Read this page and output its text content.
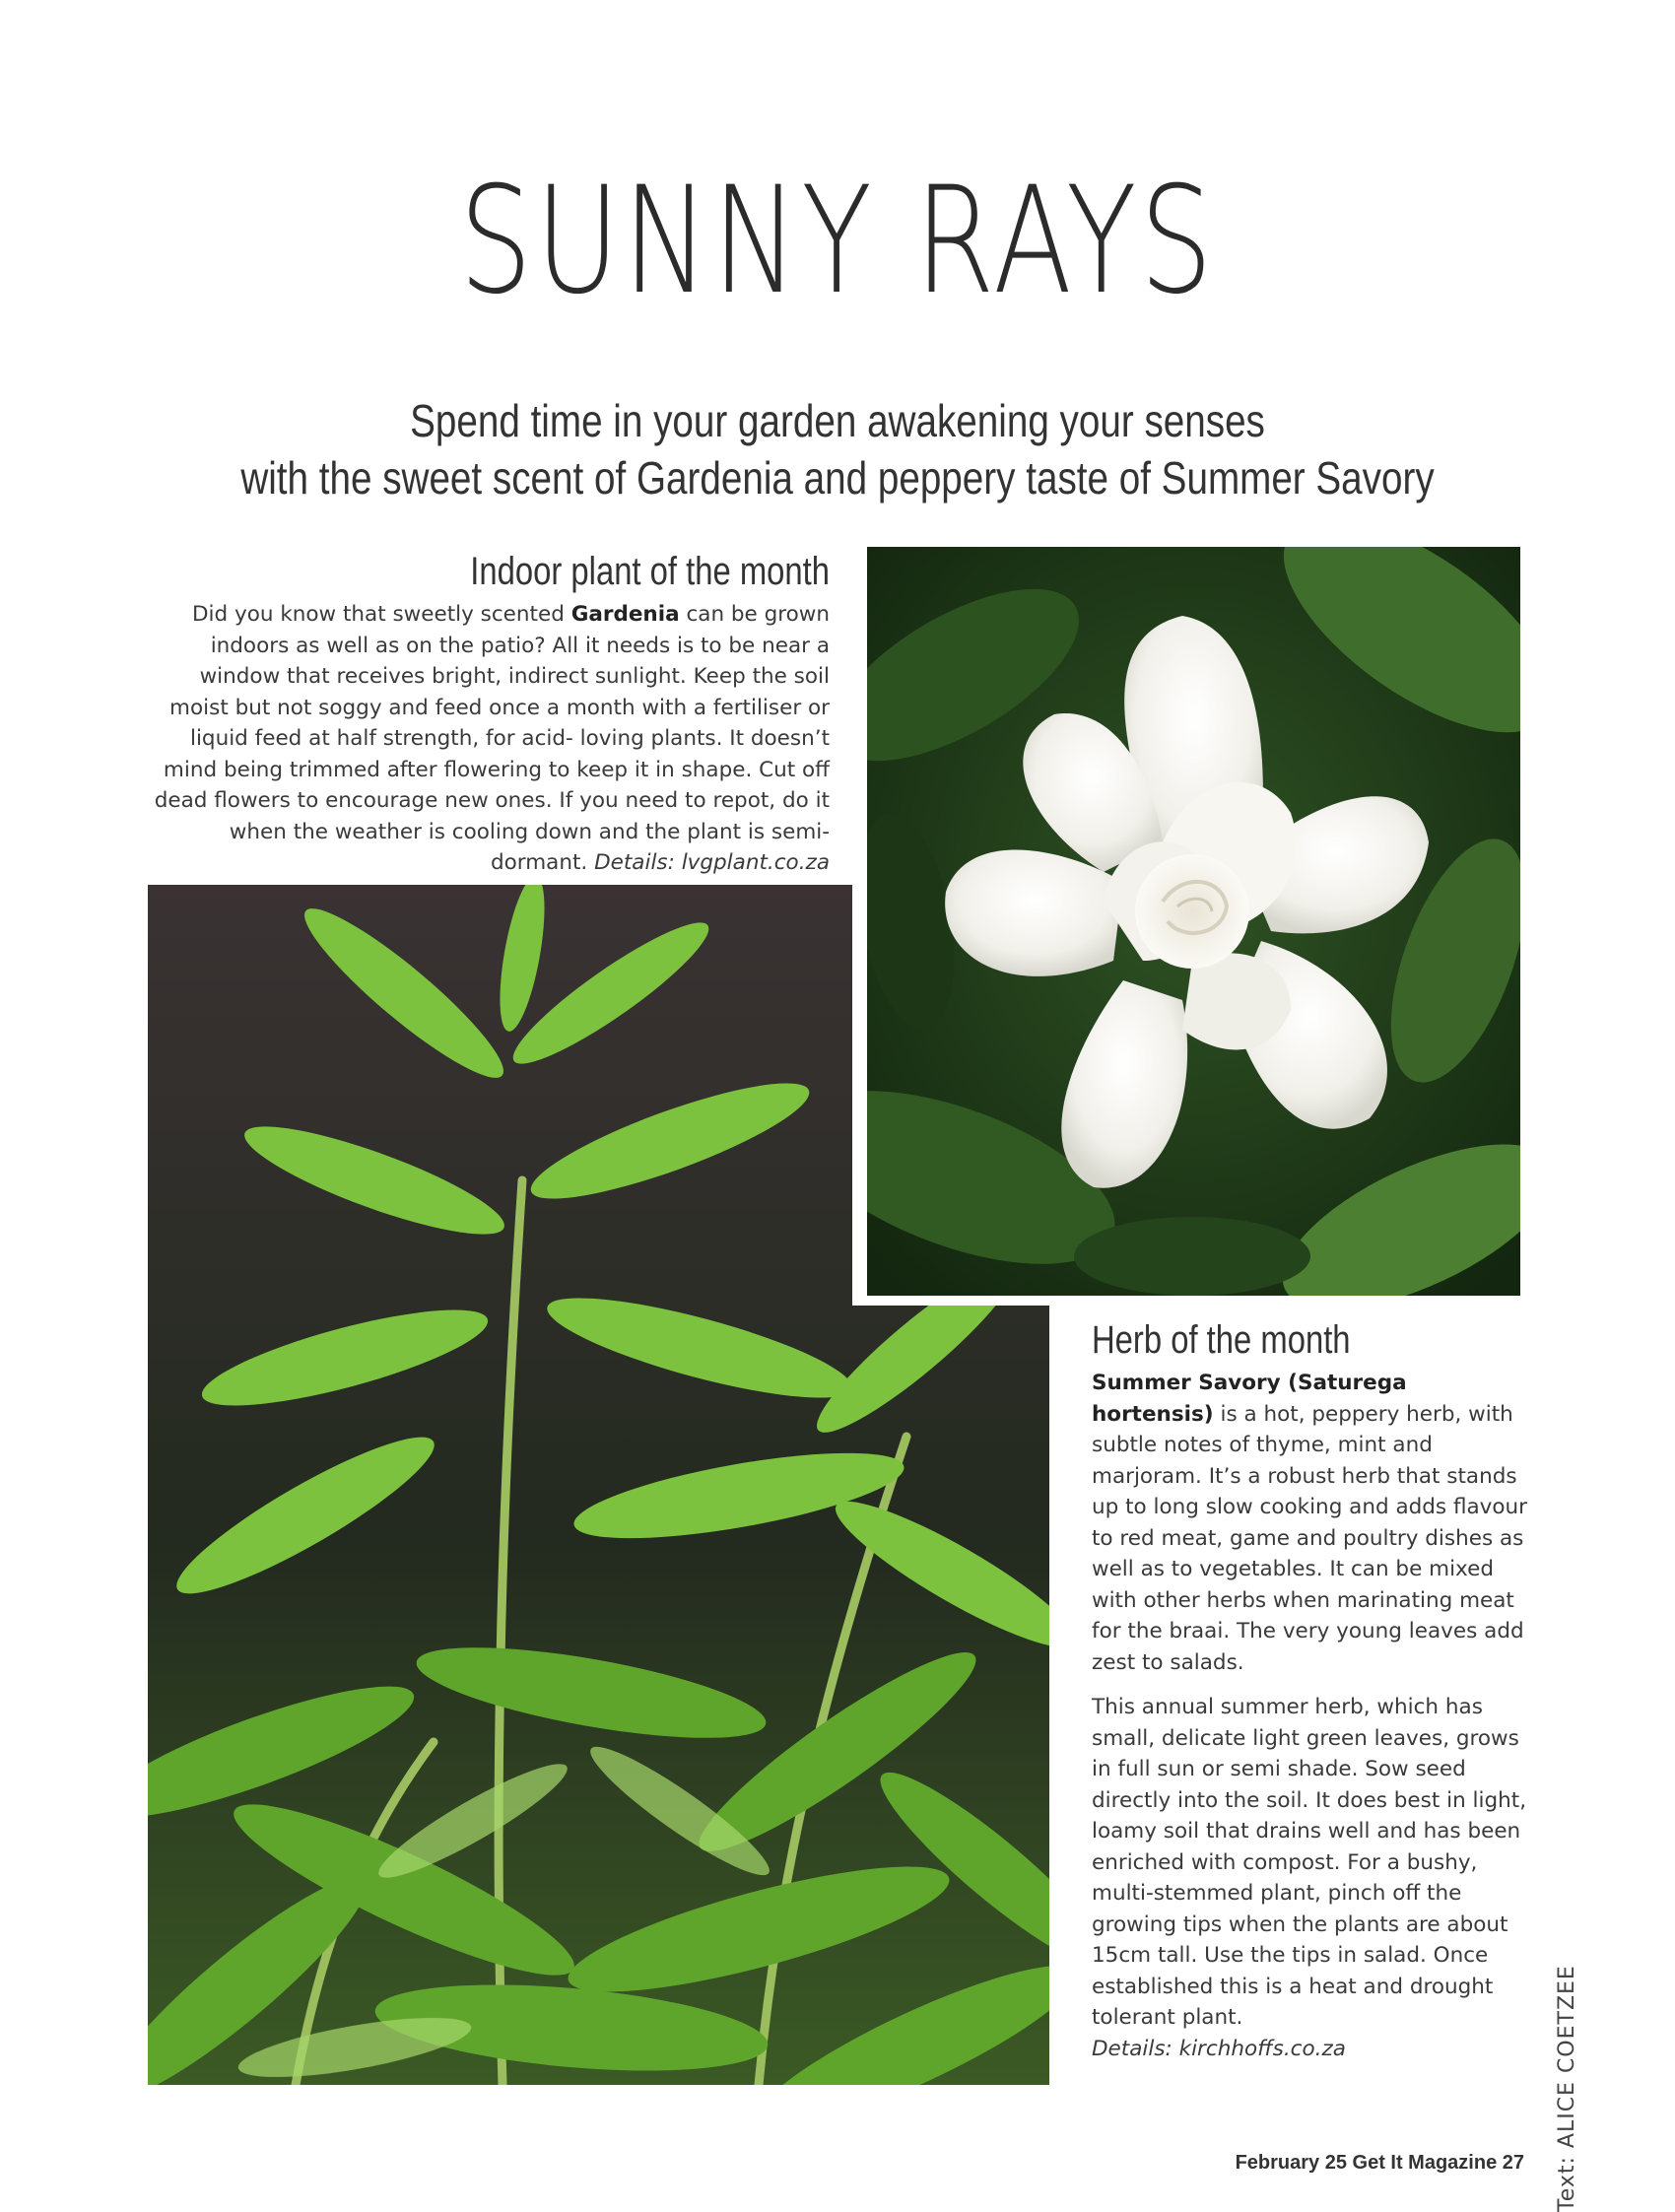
SUNNY RAYS
Spend time in your garden awakening your senses
with the sweet scent of Gardenia and peppery taste of Summer Savory
Indoor plant of the month
Did you know that sweetly scented Gardenia can be grown indoors as well as on the patio? All it needs is to be near a window that receives bright, indirect sunlight. Keep the soil moist but not soggy and feed once a month with a fertiliser or liquid feed at half strength, for acid- loving plants. It doesn’t mind being trimmed after flowering to keep it in shape. Cut off dead flowers to encourage new ones. If you need to repot, do it when the weather is cooling down and the plant is semi-dormant. Details: lvgplant.co.za
Herb of the month

Summer Savory (Saturega hortensis) is a hot, peppery herb, with subtle notes of thyme, mint and marjoram. It’s a robust herb that stands up to long slow cooking and adds flavour to red meat, game and poultry dishes as well as to vegetables. It can be mixed with other herbs when marinating meat for the braai. The very young leaves add zest to salads.

This annual summer herb, which has small, delicate light green leaves, grows in full sun or semi shade. Sow seed directly into the soil. It does best in light, loamy soil that drains well and has been enriched with compost. For a bushy, multi-stemmed plant, pinch off the growing tips when the plants are about 15cm tall. Use the tips in salad. Once established this is a heat and drought tolerant plant.
Details: kirchhoffs.co.za	Text: ALICE COETZEE
February 25 Get It Magazine 27
